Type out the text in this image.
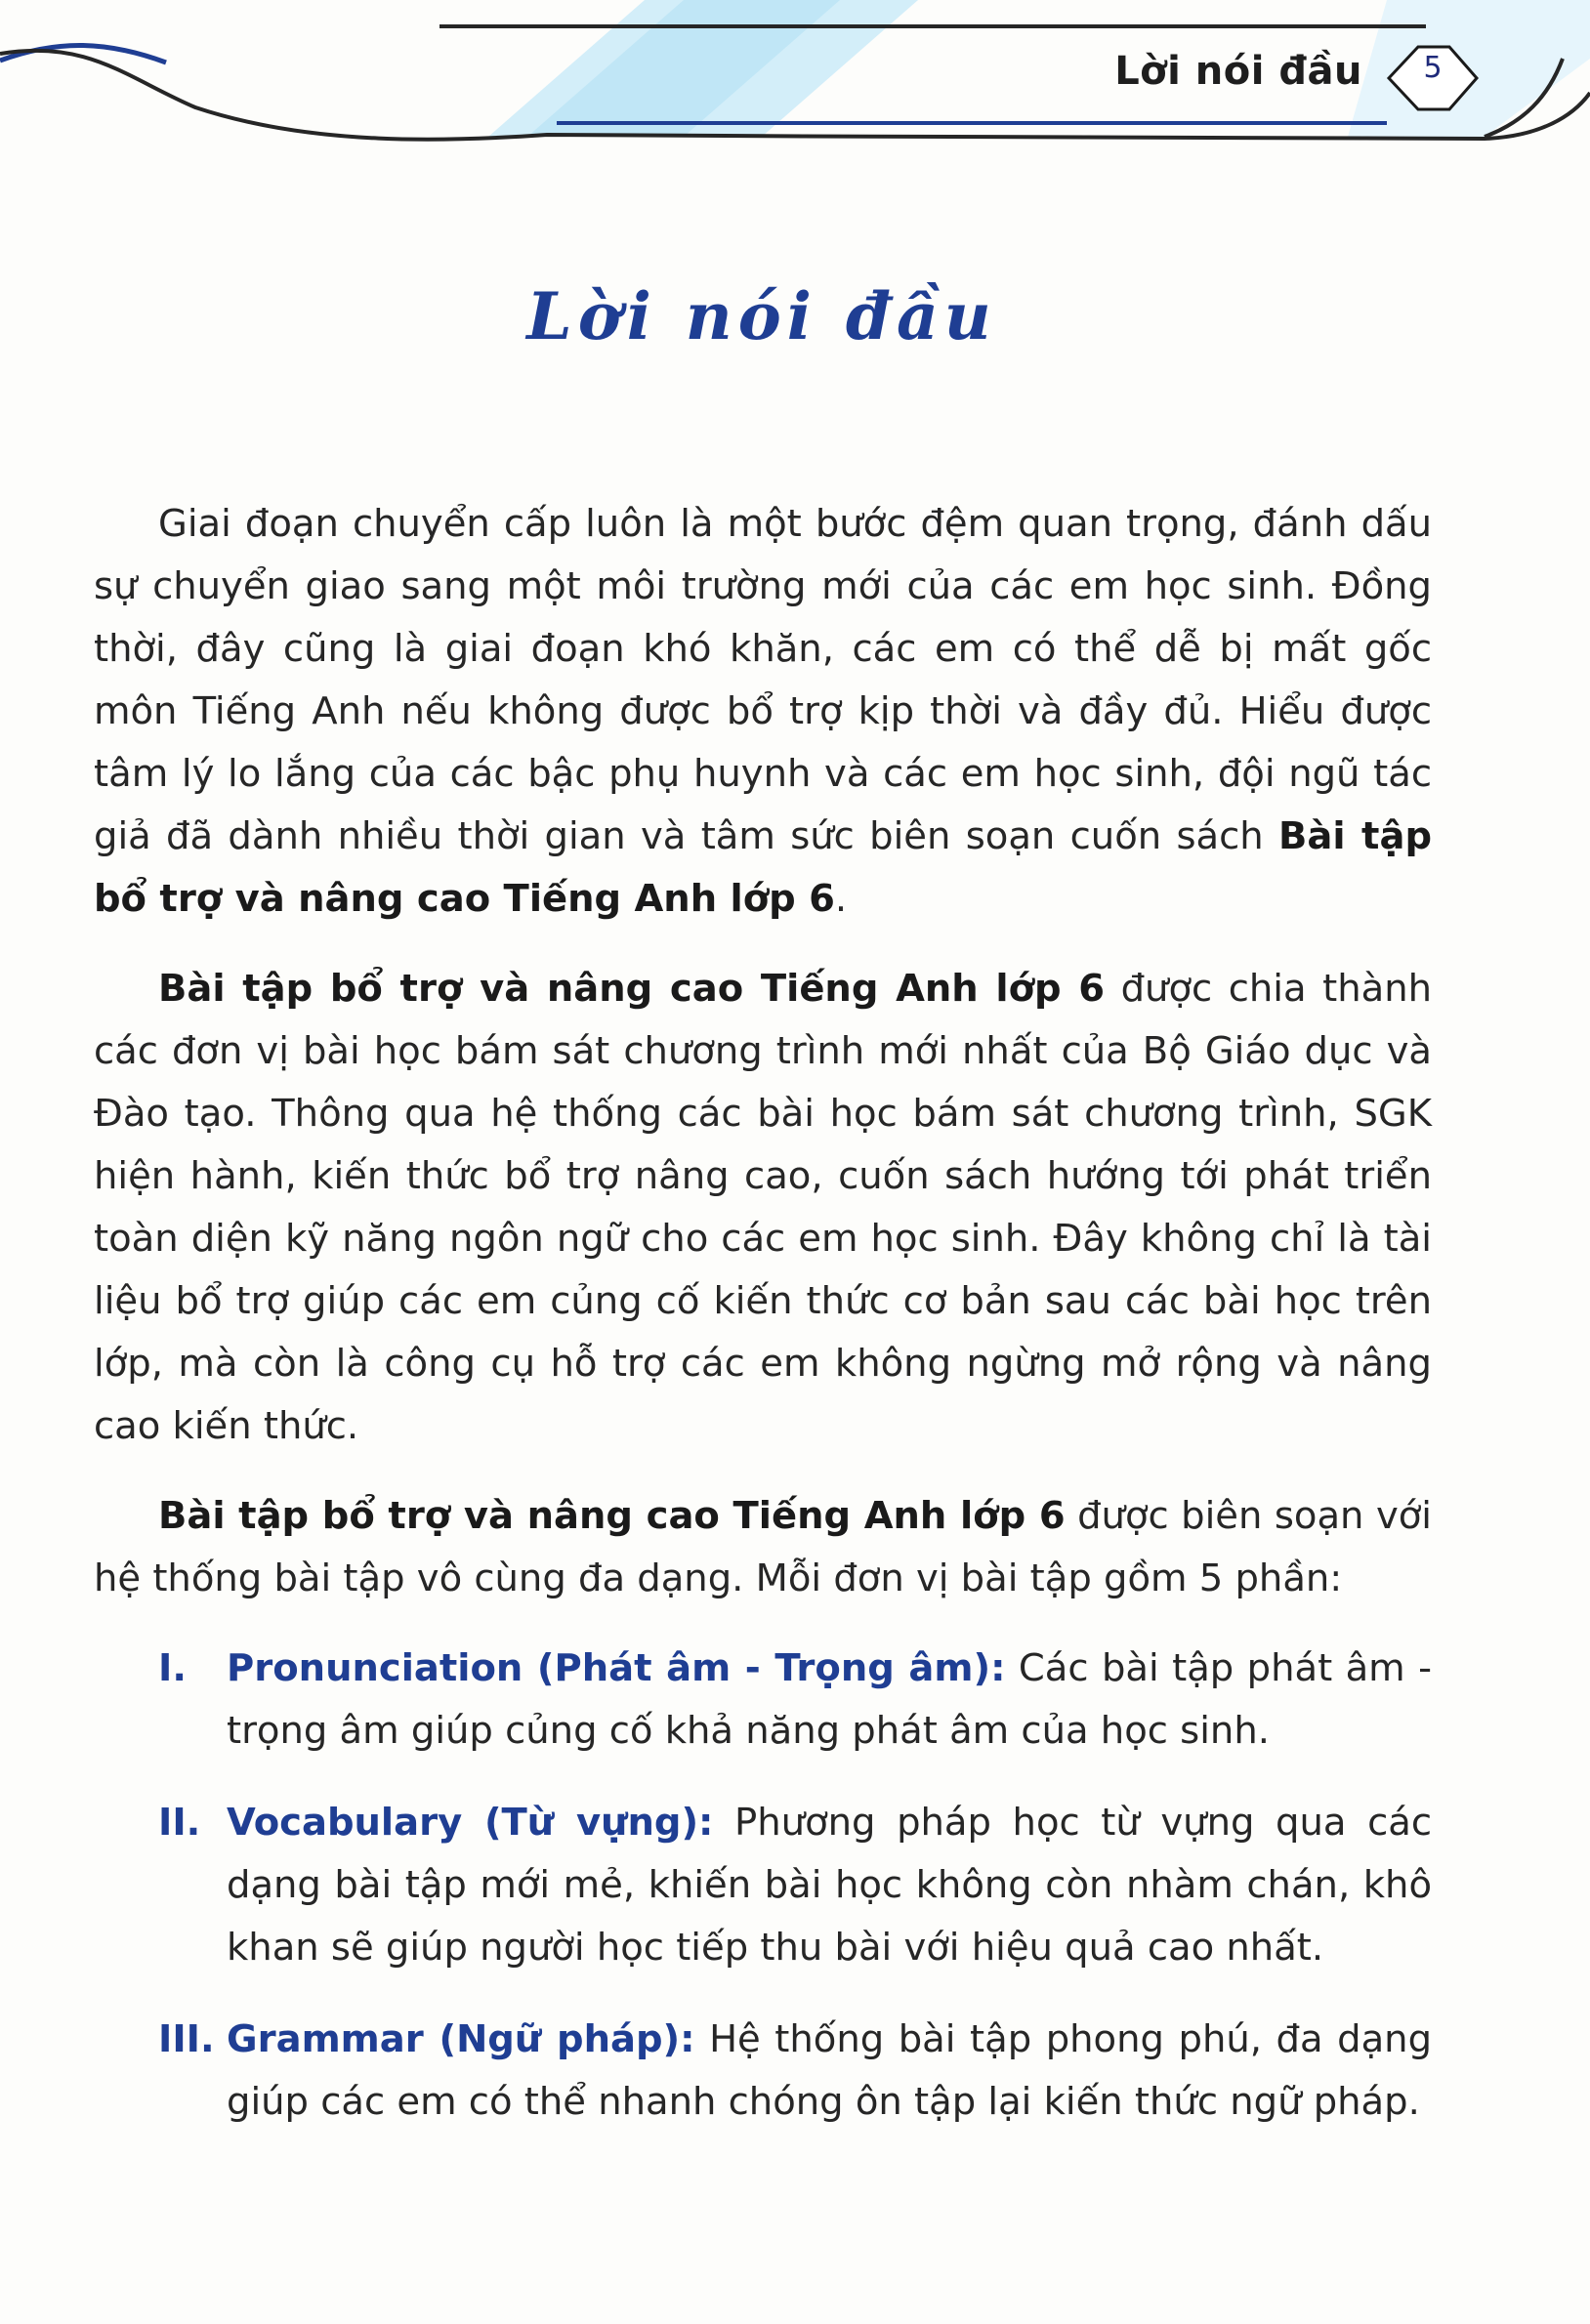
Lời nói đầu	5
Lời nói đầu

Giai đoạn chuyển cấp luôn là một bước đệm quan trọng, đánh dấu sự chuyển giao sang một môi trường mới của các em học sinh. Đồng thời, đây cũng là giai đoạn khó khăn, các em có thể dễ bị mất gốc môn Tiếng Anh nếu không được bổ trợ kịp thời và đầy đủ. Hiểu được tâm lý lo lắng của các bậc phụ huynh và các em học sinh, đội ngũ tác giả đã dành nhiều thời gian và tâm sức biên soạn cuốn sách Bài tập bổ trợ và nâng cao Tiếng Anh lớp 6.

Bài tập bổ trợ và nâng cao Tiếng Anh lớp 6 được chia thành các đơn vị bài học bám sát chương trình mới nhất của Bộ Giáo dục và Đào tạo. Thông qua hệ thống các bài học bám sát chương trình, SGK hiện hành, kiến thức bổ trợ nâng cao, cuốn sách hướng tới phát triển toàn diện kỹ năng ngôn ngữ cho các em học sinh. Đây không chỉ là tài liệu bổ trợ giúp các em củng cố kiến thức cơ bản sau các bài học trên lớp, mà còn là công cụ hỗ trợ các em không ngừng mở rộng và nâng cao kiến thức.

Bài tập bổ trợ và nâng cao Tiếng Anh lớp 6 được biên soạn với hệ thống bài tập vô cùng đa dạng. Mỗi đơn vị bài tập gồm 5 phần:

I. Pronunciation (Phát âm - Trọng âm): Các bài tập phát âm - trọng âm giúp củng cố khả năng phát âm của học sinh.
II. Vocabulary (Từ vựng): Phương pháp học từ vựng qua các dạng bài tập mới mẻ, khiến bài học không còn nhàm chán, khô khan sẽ giúp người học tiếp thu bài với hiệu quả cao nhất.
III. Grammar (Ngữ pháp): Hệ thống bài tập phong phú, đa dạng giúp các em có thể nhanh chóng ôn tập lại kiến thức ngữ pháp.
